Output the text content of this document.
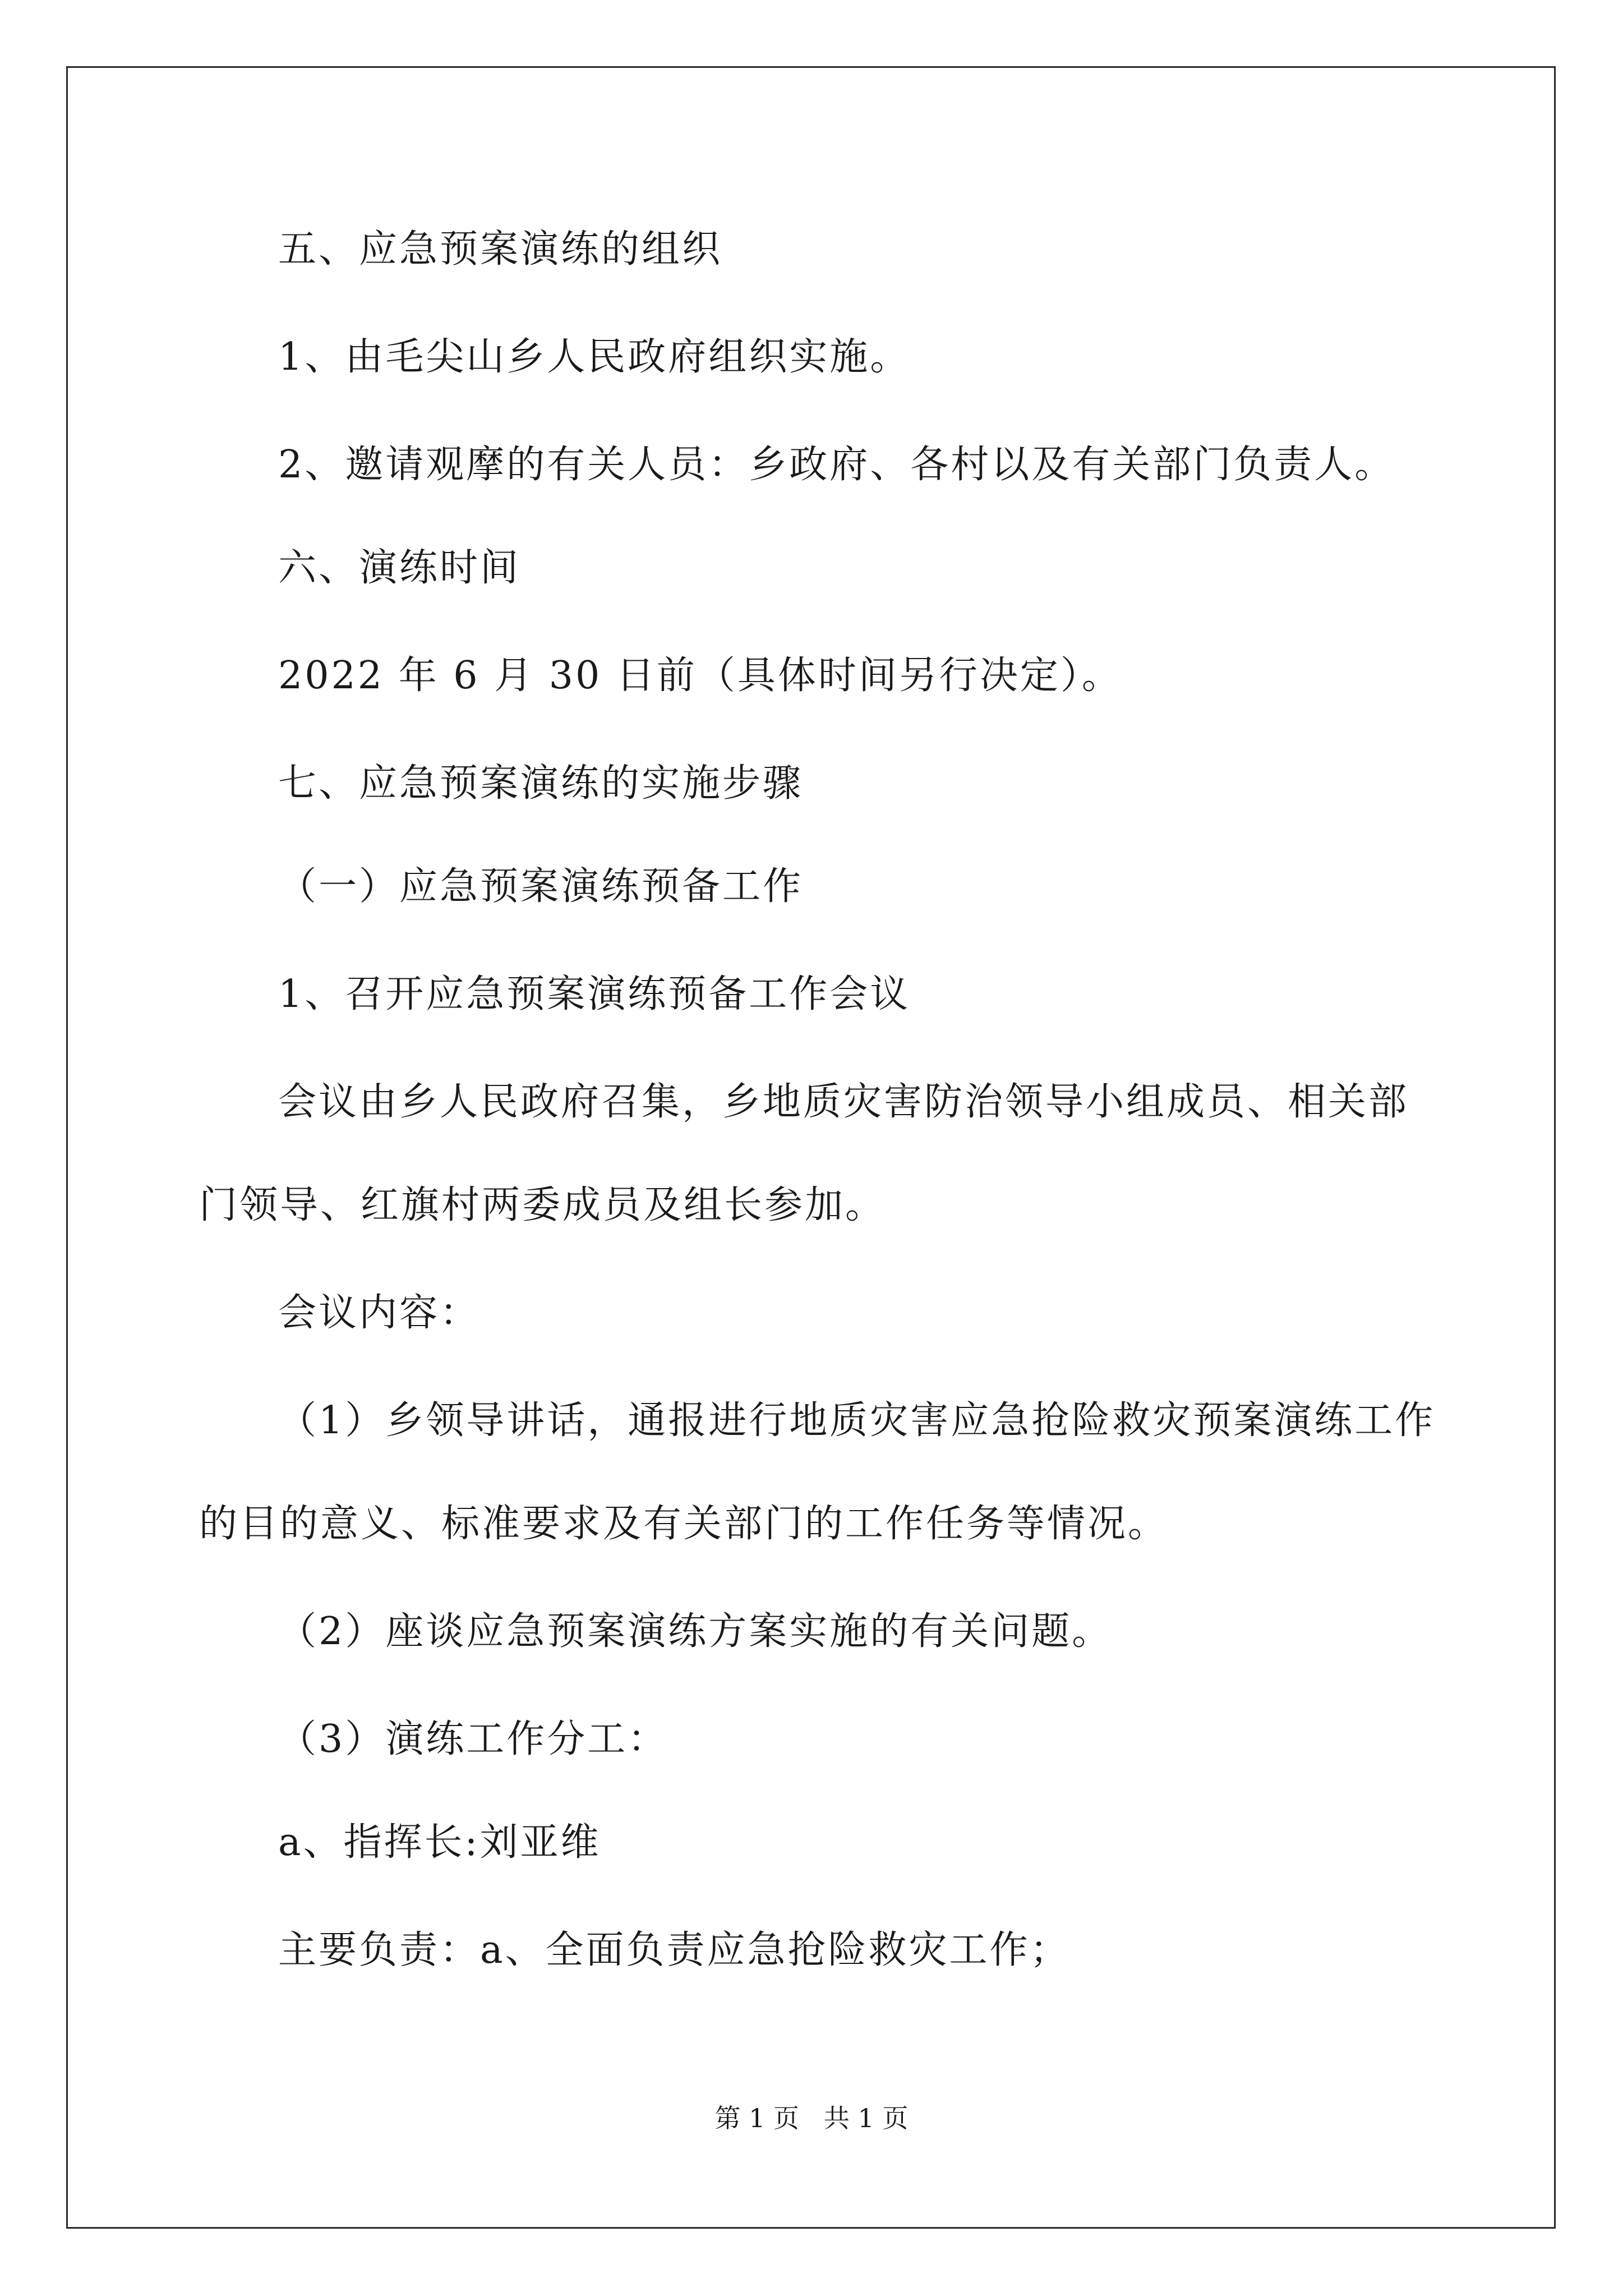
五、应急预案演练的组织
1、由毛尖山乡人民政府组织实施。
2、邀请观摩的有关人员：乡政府、各村以及有关部门负责人。
六、演练时间
2022 年 6 月 30 日前（具体时间另行决定）。
七、应急预案演练的实施步骤
（一）应急预案演练预备工作
1、召开应急预案演练预备工作会议
会议由乡人民政府召集，乡地质灾害防治领导小组成员、相关部
门领导、红旗村两委成员及组长参加。
会议内容：
（1）乡领导讲话，通报进行地质灾害应急抢险救灾预案演练工作
的目的意义、标准要求及有关部门的工作任务等情况。
（2）座谈应急预案演练方案实施的有关问题。
（3）演练工作分工：
a、指挥长:刘亚维
主要负责：a、全面负责应急抢险救灾工作；
第 1 页   共 1 页
